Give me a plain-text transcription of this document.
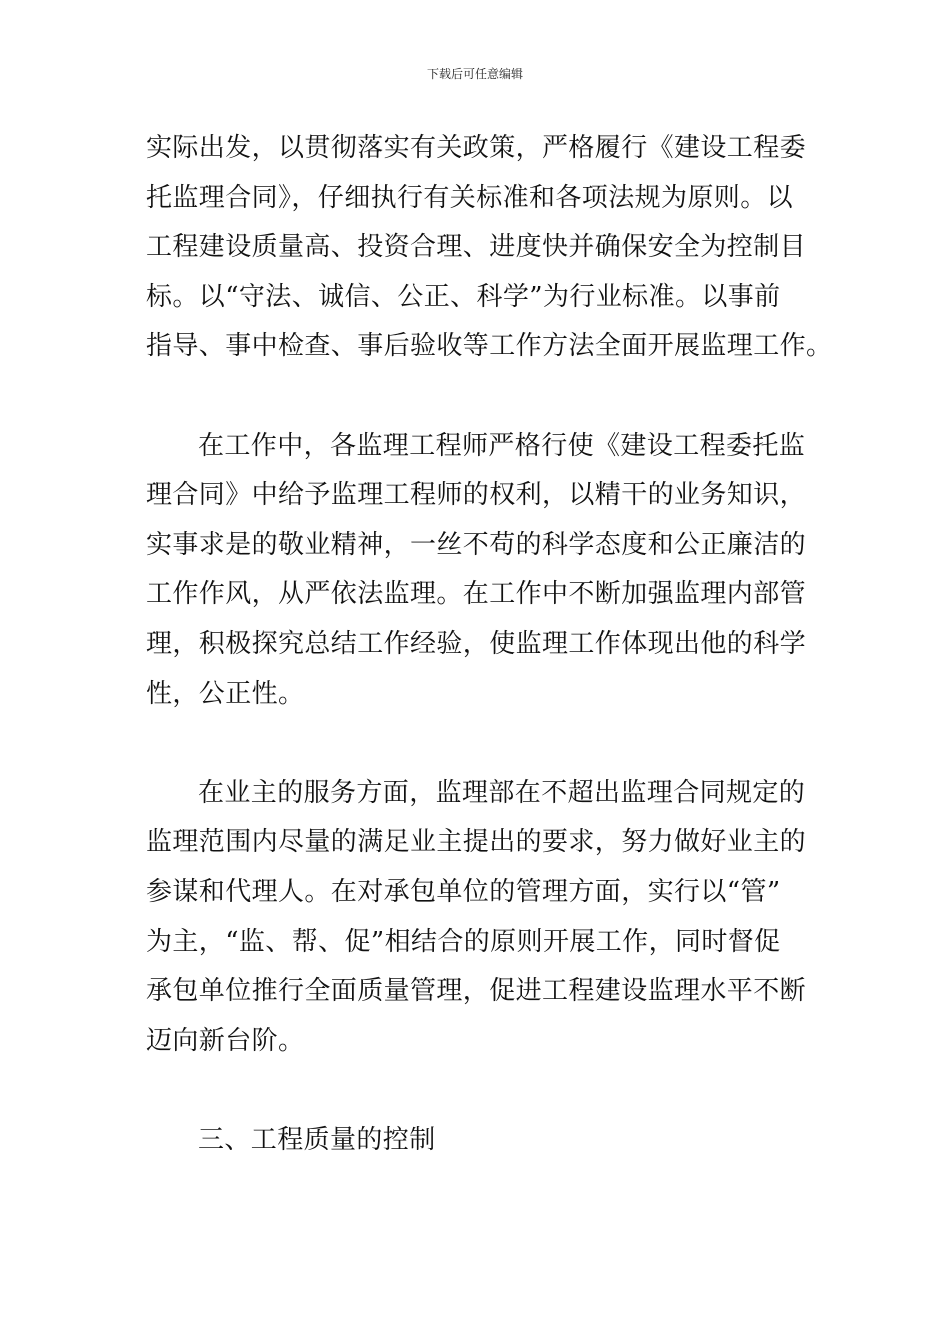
下载后可任意编辑
实际出发，以贯彻落实有关政策，严格履行《建设工程委
托监理合同》，仔细执行有关标准和各项法规为原则。以
工程建设质量高、投资合理、进度快并确保安全为控制目
标。以“守法、诚信、公正、科学”为行业标准。以事前
指导、事中检查、事后验收等工作方法全面开展监理工作。
在工作中，各监理工程师严格行使《建设工程委托监
理合同》中给予监理工程师的权利，以精干的业务知识，
实事求是的敬业精神，一丝不苟的科学态度和公正廉洁的
工作作风，从严依法监理。在工作中不断加强监理内部管
理，积极探究总结工作经验，使监理工作体现出他的科学
性，公正性。
在业主的服务方面，监理部在不超出监理合同规定的
监理范围内尽量的满足业主提出的要求，努力做好业主的
参谋和代理人。在对承包单位的管理方面，实行以“管”
为主，“监、帮、促”相结合的原则开展工作，同时督促
承包单位推行全面质量管理，促进工程建设监理水平不断
迈向新台阶。
三、工程质量的控制
